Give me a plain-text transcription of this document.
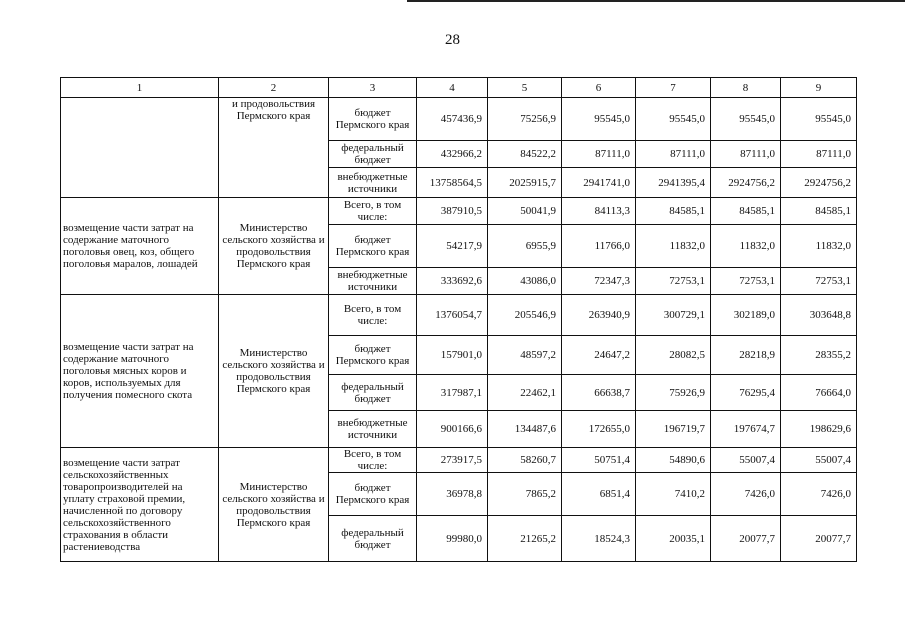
28
1	2	3	4	5	6	7	8	9
	и продовольствия Пермского края	бюджет Пермского края	457436,9	75256,9	95545,0	95545,0	95545,0	95545,0
		федеральный бюджет	432966,2	84522,2	87111,0	87111,0	87111,0	87111,0
		внебюджетные источники	13758564,5	2025915,7	2941741,0	2941395,4	2924756,2	2924756,2
возмещение части затрат на содержание маточного поголовья овец, коз, общего поголовья маралов, лошадей	Министерство сельского хозяйства и продовольствия Пермского края	Всего, в том числе:	387910,5	50041,9	84113,3	84585,1	84585,1	84585,1
		бюджет Пермского края	54217,9	6955,9	11766,0	11832,0	11832,0	11832,0
		внебюджетные источники	333692,6	43086,0	72347,3	72753,1	72753,1	72753,1
возмещение части затрат на содержание маточного поголовья мясных коров и коров, используемых для получения помесного скота	Министерство сельского хозяйства и продовольствия Пермского края	Всего, в том числе:	1376054,7	205546,9	263940,9	300729,1	302189,0	303648,8
		бюджет Пермского края	157901,0	48597,2	24647,2	28082,5	28218,9	28355,2
		федеральный бюджет	317987,1	22462,1	66638,7	75926,9	76295,4	76664,0
		внебюджетные источники	900166,6	134487,6	172655,0	196719,7	197674,7	198629,6
возмещение части затрат сельскохозяйственных товаропроизводителей на уплату страховой премии, начисленной по договору сельскохозяйственного страхования в области растениеводства	Министерство сельского хозяйства и продовольствия Пермского края	Всего, в том числе:	273917,5	58260,7	50751,4	54890,6	55007,4	55007,4
		бюджет Пермского края	36978,8	7865,2	6851,4	7410,2	7426,0	7426,0
		федеральный бюджет	99980,0	21265,2	18524,3	20035,1	20077,7	20077,7
